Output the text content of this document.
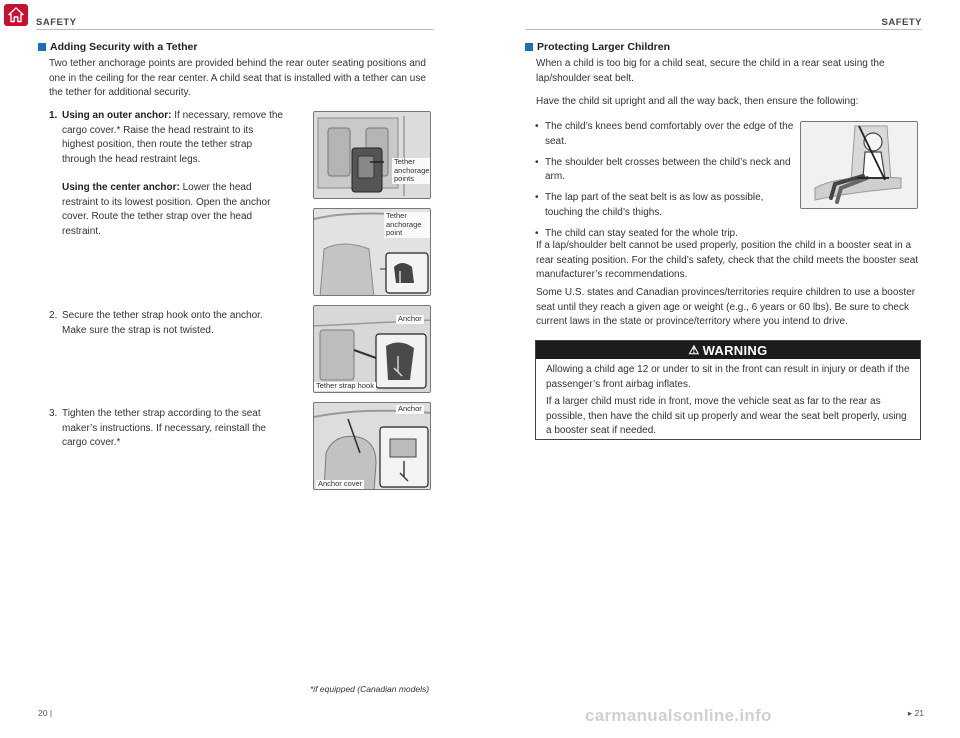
SAFETY	SAFETY
Adding Security with a Tether
Two tether anchorage points are provided behind the rear outer seating positions and one in the ceiling for the rear center. A child seat that is installed with a tether can use the tether for additional security.
1. Using an outer anchor: If necessary, remove the cargo cover.* Raise the head restraint to its highest position, then route the tether strap through the head restraint legs.
Using the center anchor: Lower the head restraint to its lowest position. Open the anchor cover. Route the tether strap over the head restraint.
2. Secure the tether strap hook onto the anchor. Make sure the strap is not twisted.
3. Tighten the tether strap according to the seat maker’s instructions. If necessary, reinstall the cargo cover.*
Tether anchorage points
Tether anchorage point
Anchor
Tether strap hook
Anchor
Anchor cover
*if equipped (Canadian models)
20 |
Protecting Larger Children
When a child is too big for a child seat, secure the child in a rear seat using the lap/shoulder seat belt.
Have the child sit upright and all the way back, then ensure the following:
• The child’s knees bend comfortably over the edge of the seat.
• The shoulder belt crosses between the child’s neck and arm.
• The lap part of the seat belt is as low as possible, touching the child’s thighs.
• The child can stay seated for the whole trip.
If a lap/shoulder belt cannot be used properly, position the child in a booster seat in a rear seating position. For the child’s safety, check that the child meets the booster seat manufacturer’s recommendations.
Some U.S. states and Canadian provinces/territories require children to use a booster seat until they reach a given age or weight (e.g., 6 years or 60 lbs). Be sure to check current laws in the state or province/territory where you intend to drive.
⚠ WARNING

Allowing a child age 12 or under to sit in the front can result in injury or death if the passenger’s front airbag inflates.

If a larger child must ride in front, move the vehicle seat as far to the rear as possible, then have the child sit up properly and wear the seat belt properly, using a booster seat if needed.

▸ 21
carmanualsonline.info
